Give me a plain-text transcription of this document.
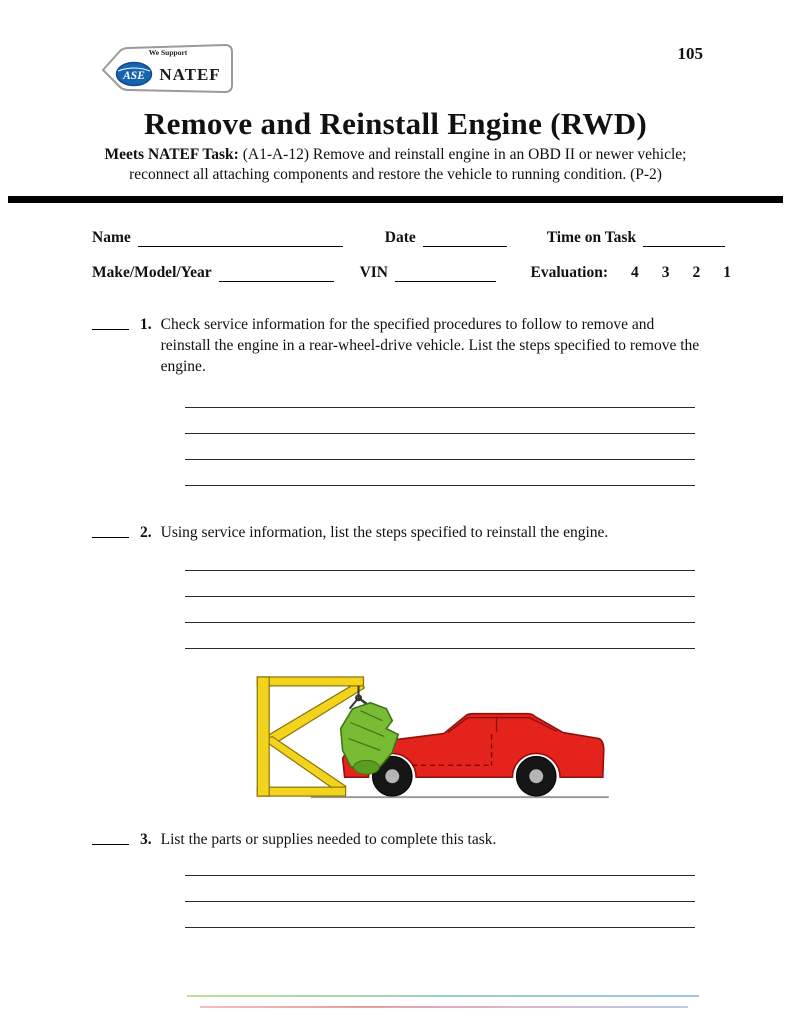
We Support
ASE NATEF
105
Remove and Reinstall Engine (RWD)

Meets NATEF Task: (A1-A-12) Remove and reinstall engine in an OBD II or newer vehicle;
reconnect all attaching components and restore the vehicle to running condition. (P-2)

Name	Date	Time on Task
Make/Model/Year	VIN	Evaluation: 4 3 2 1
1. Check service information for the specified procedures to follow to remove and reinstall the engine in a rear-wheel-drive vehicle. List the steps specified to remove the engine.
2. Using service information, list the steps specified to reinstall the engine.
3. List the parts or supplies needed to complete this task.
